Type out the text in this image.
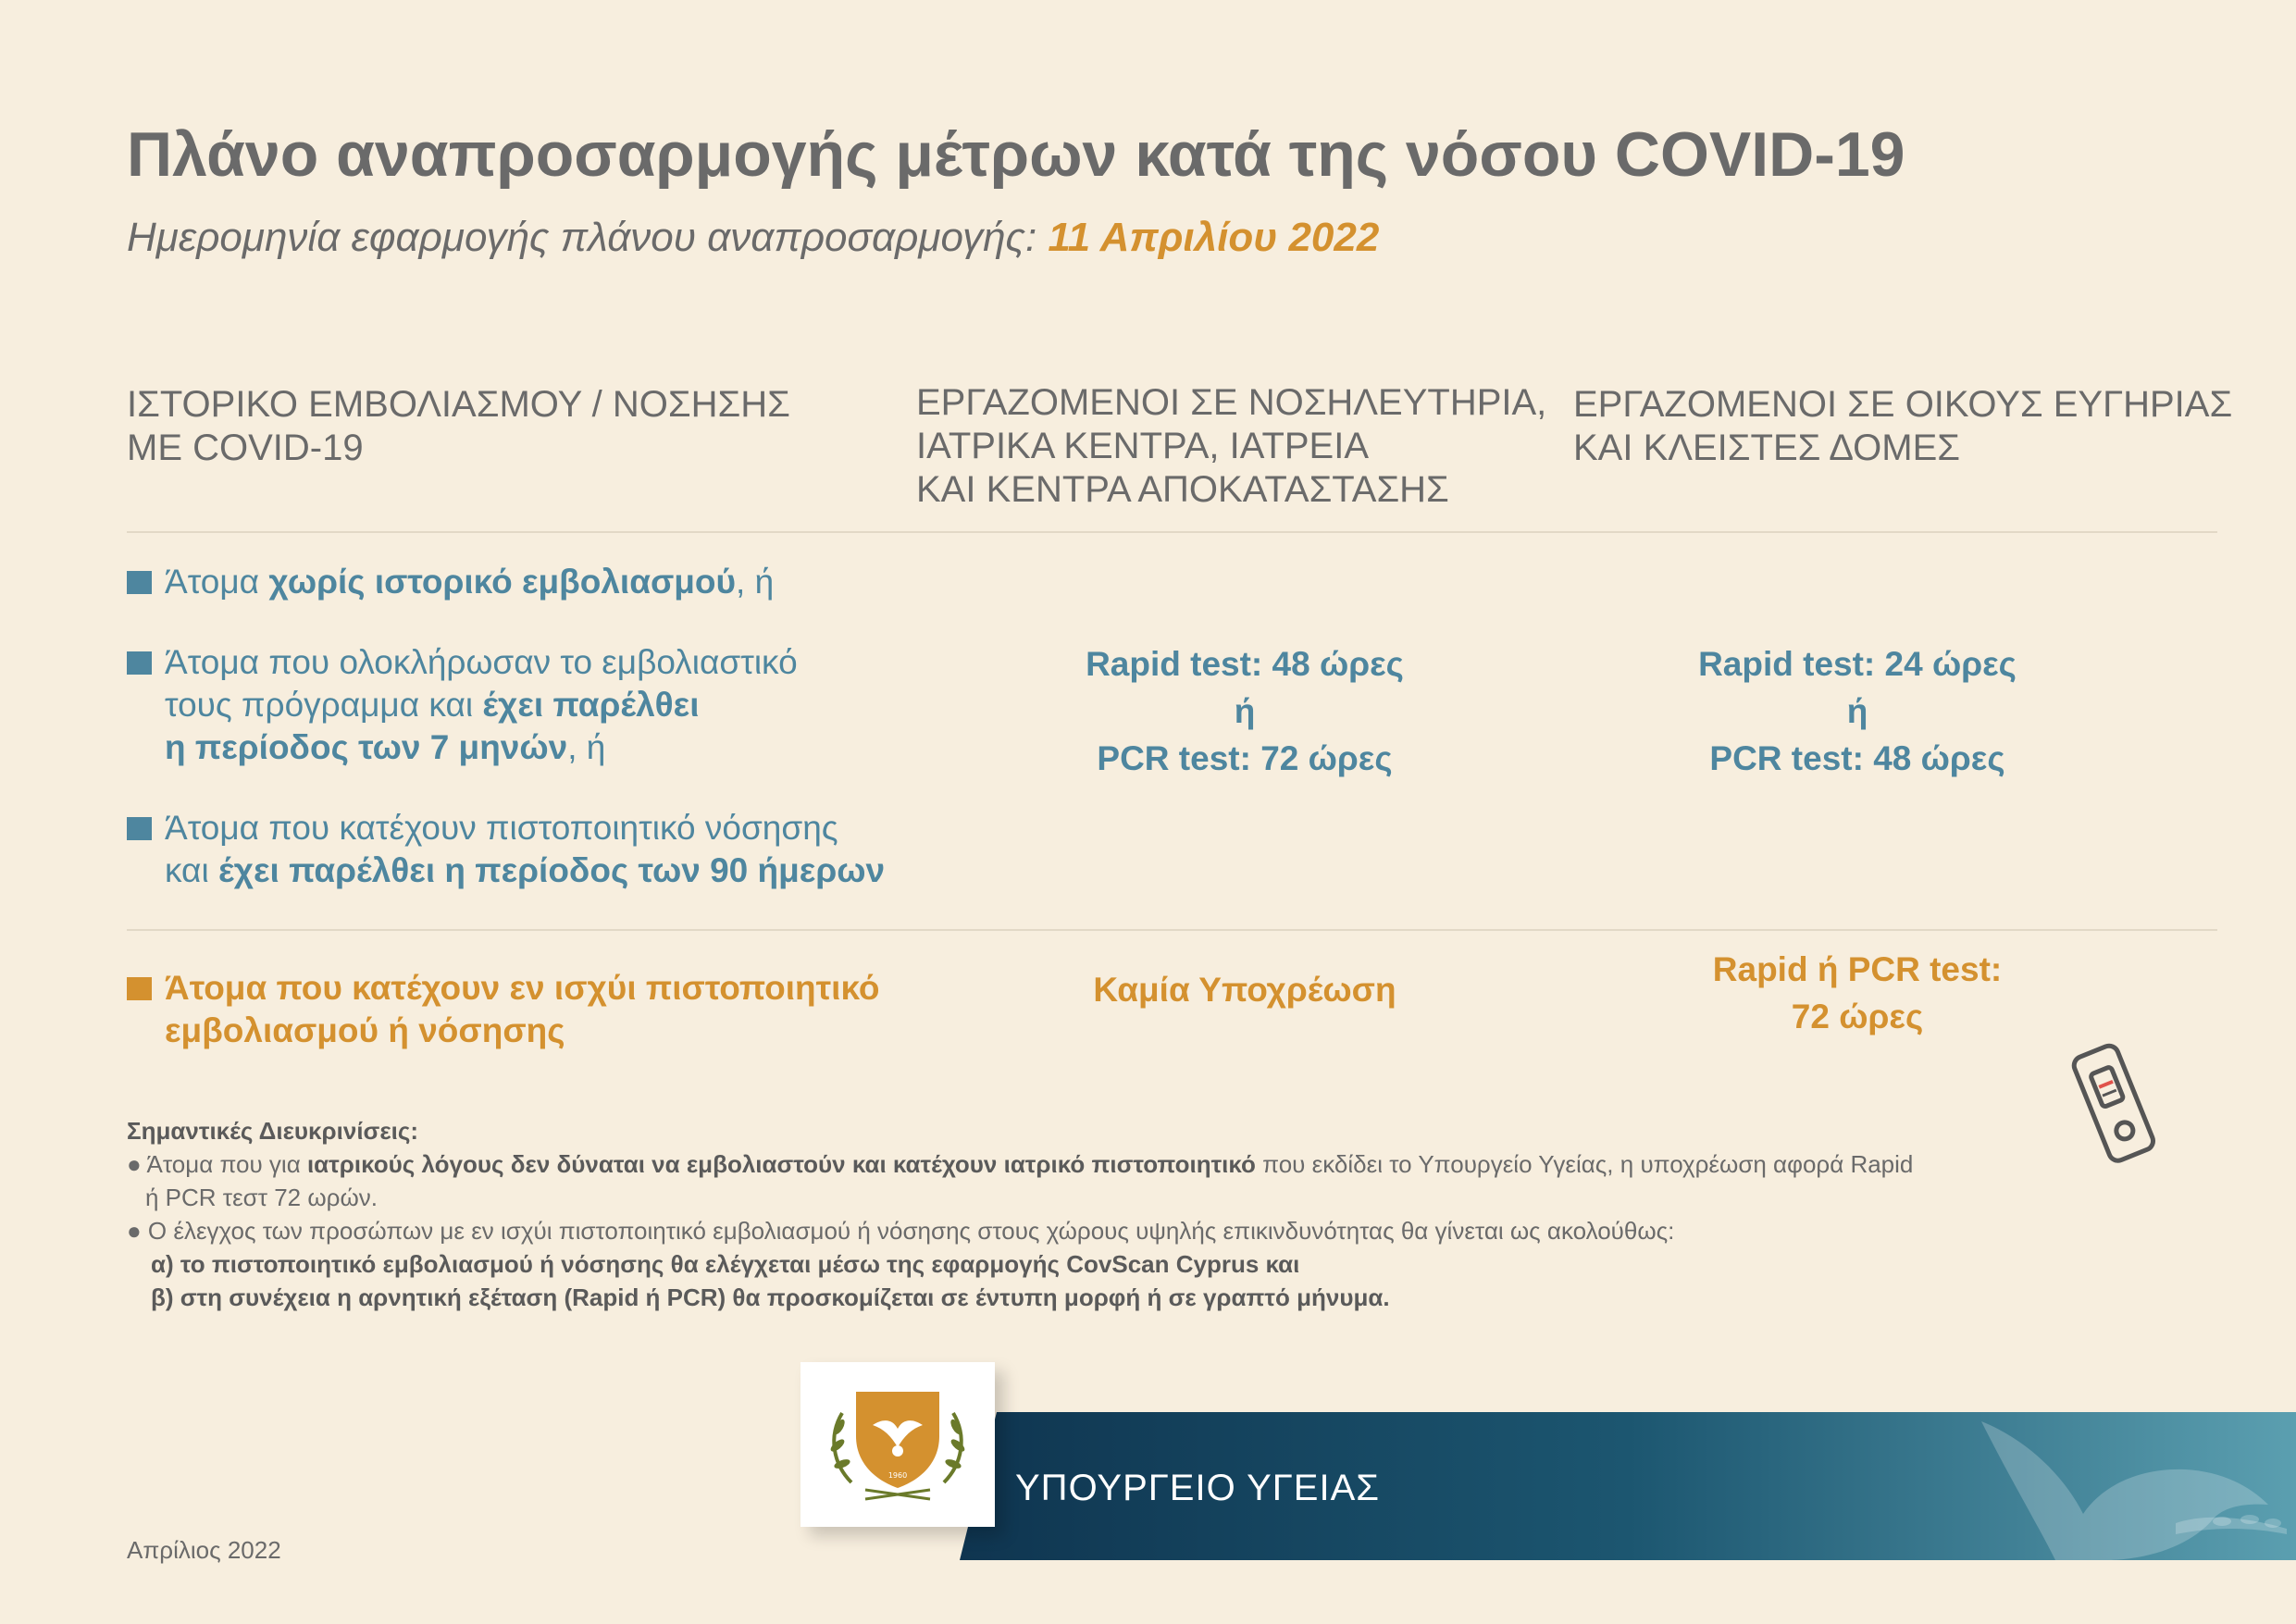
Πλάνο αναπροσαρμογής μέτρων κατά της νόσου COVID-19
Ημερομηνία εφαρμογής πλάνου αναπροσαρμογής: 11 Απριλίου 2022
ΙΣΤΟΡΙΚΟ ΕΜΒΟΛΙΑΣΜΟΥ / ΝΟΣΗΣΗΣ
ΜΕ COVID-19
ΕΡΓΑΖΟΜΕΝΟΙ ΣΕ ΝΟΣΗΛΕΥΤΗΡΙΑ,
ΙΑΤΡΙΚΑ ΚΕΝΤΡΑ, ΙΑΤΡΕΙΑ
ΚΑΙ ΚΕΝΤΡΑ ΑΠΟΚΑΤΑΣΤΑΣΗΣ
ΕΡΓΑΖΟΜΕΝΟΙ ΣΕ ΟΙΚΟΥΣ ΕΥΓΗΡΙΑΣ
ΚΑΙ ΚΛΕΙΣΤΕΣ ΔΟΜΕΣ
Άτομα χωρίς ιστορικό εμβολιασμού, ή
Άτομα που ολοκλήρωσαν το εμβολιαστικό
τους πρόγραμμα και έχει παρέλθει
η περίοδος των 7 μηνών, ή
Άτομα που κατέχουν πιστοποιητικό νόσησης
και έχει παρέλθει η περίοδος των 90 ήμερων
Rapid test: 48 ώρες
ή
PCR test: 72 ώρες
Rapid test: 24 ώρες
ή
PCR test: 48 ώρες
Άτομα που κατέχουν εν ισχύι πιστοποιητικό
εμβολιασμού ή νόσησης
Καμία Υποχρέωση
Rapid ή PCR test:
72 ώρες

Σημαντικές Διευκρινίσεις:

● Άτομα που για ιατρικούς λόγους δεν δύναται να εμβολιαστούν και κατέχουν ιατρικό πιστοποιητικό που εκδίδει το Υπουργείο Υγείας, η υποχρέωση αφορά Rapid

ή PCR τεστ 72 ωρών.

● Ο έλεγχος των προσώπων με εν ισχύι πιστοποιητικό εμβολιασμού ή νόσησης στους χώρους υψηλής επικινδυνότητας θα γίνεται ως ακολούθως:

α) το πιστοποιητικό εμβολιασμού ή νόσησης θα ελέγχεται μέσω της εφαρμογής CovScan Cyprus και

β) στη συνέχεια η αρνητική εξέταση (Rapid ή PCR) θα προσκομίζεται σε έντυπη μορφή ή σε γραπτό μήνυμα.

ΥΠΟΥΡΓΕΙΟ ΥΓΕΙΑΣ
1960
Απρίλιος 2022
